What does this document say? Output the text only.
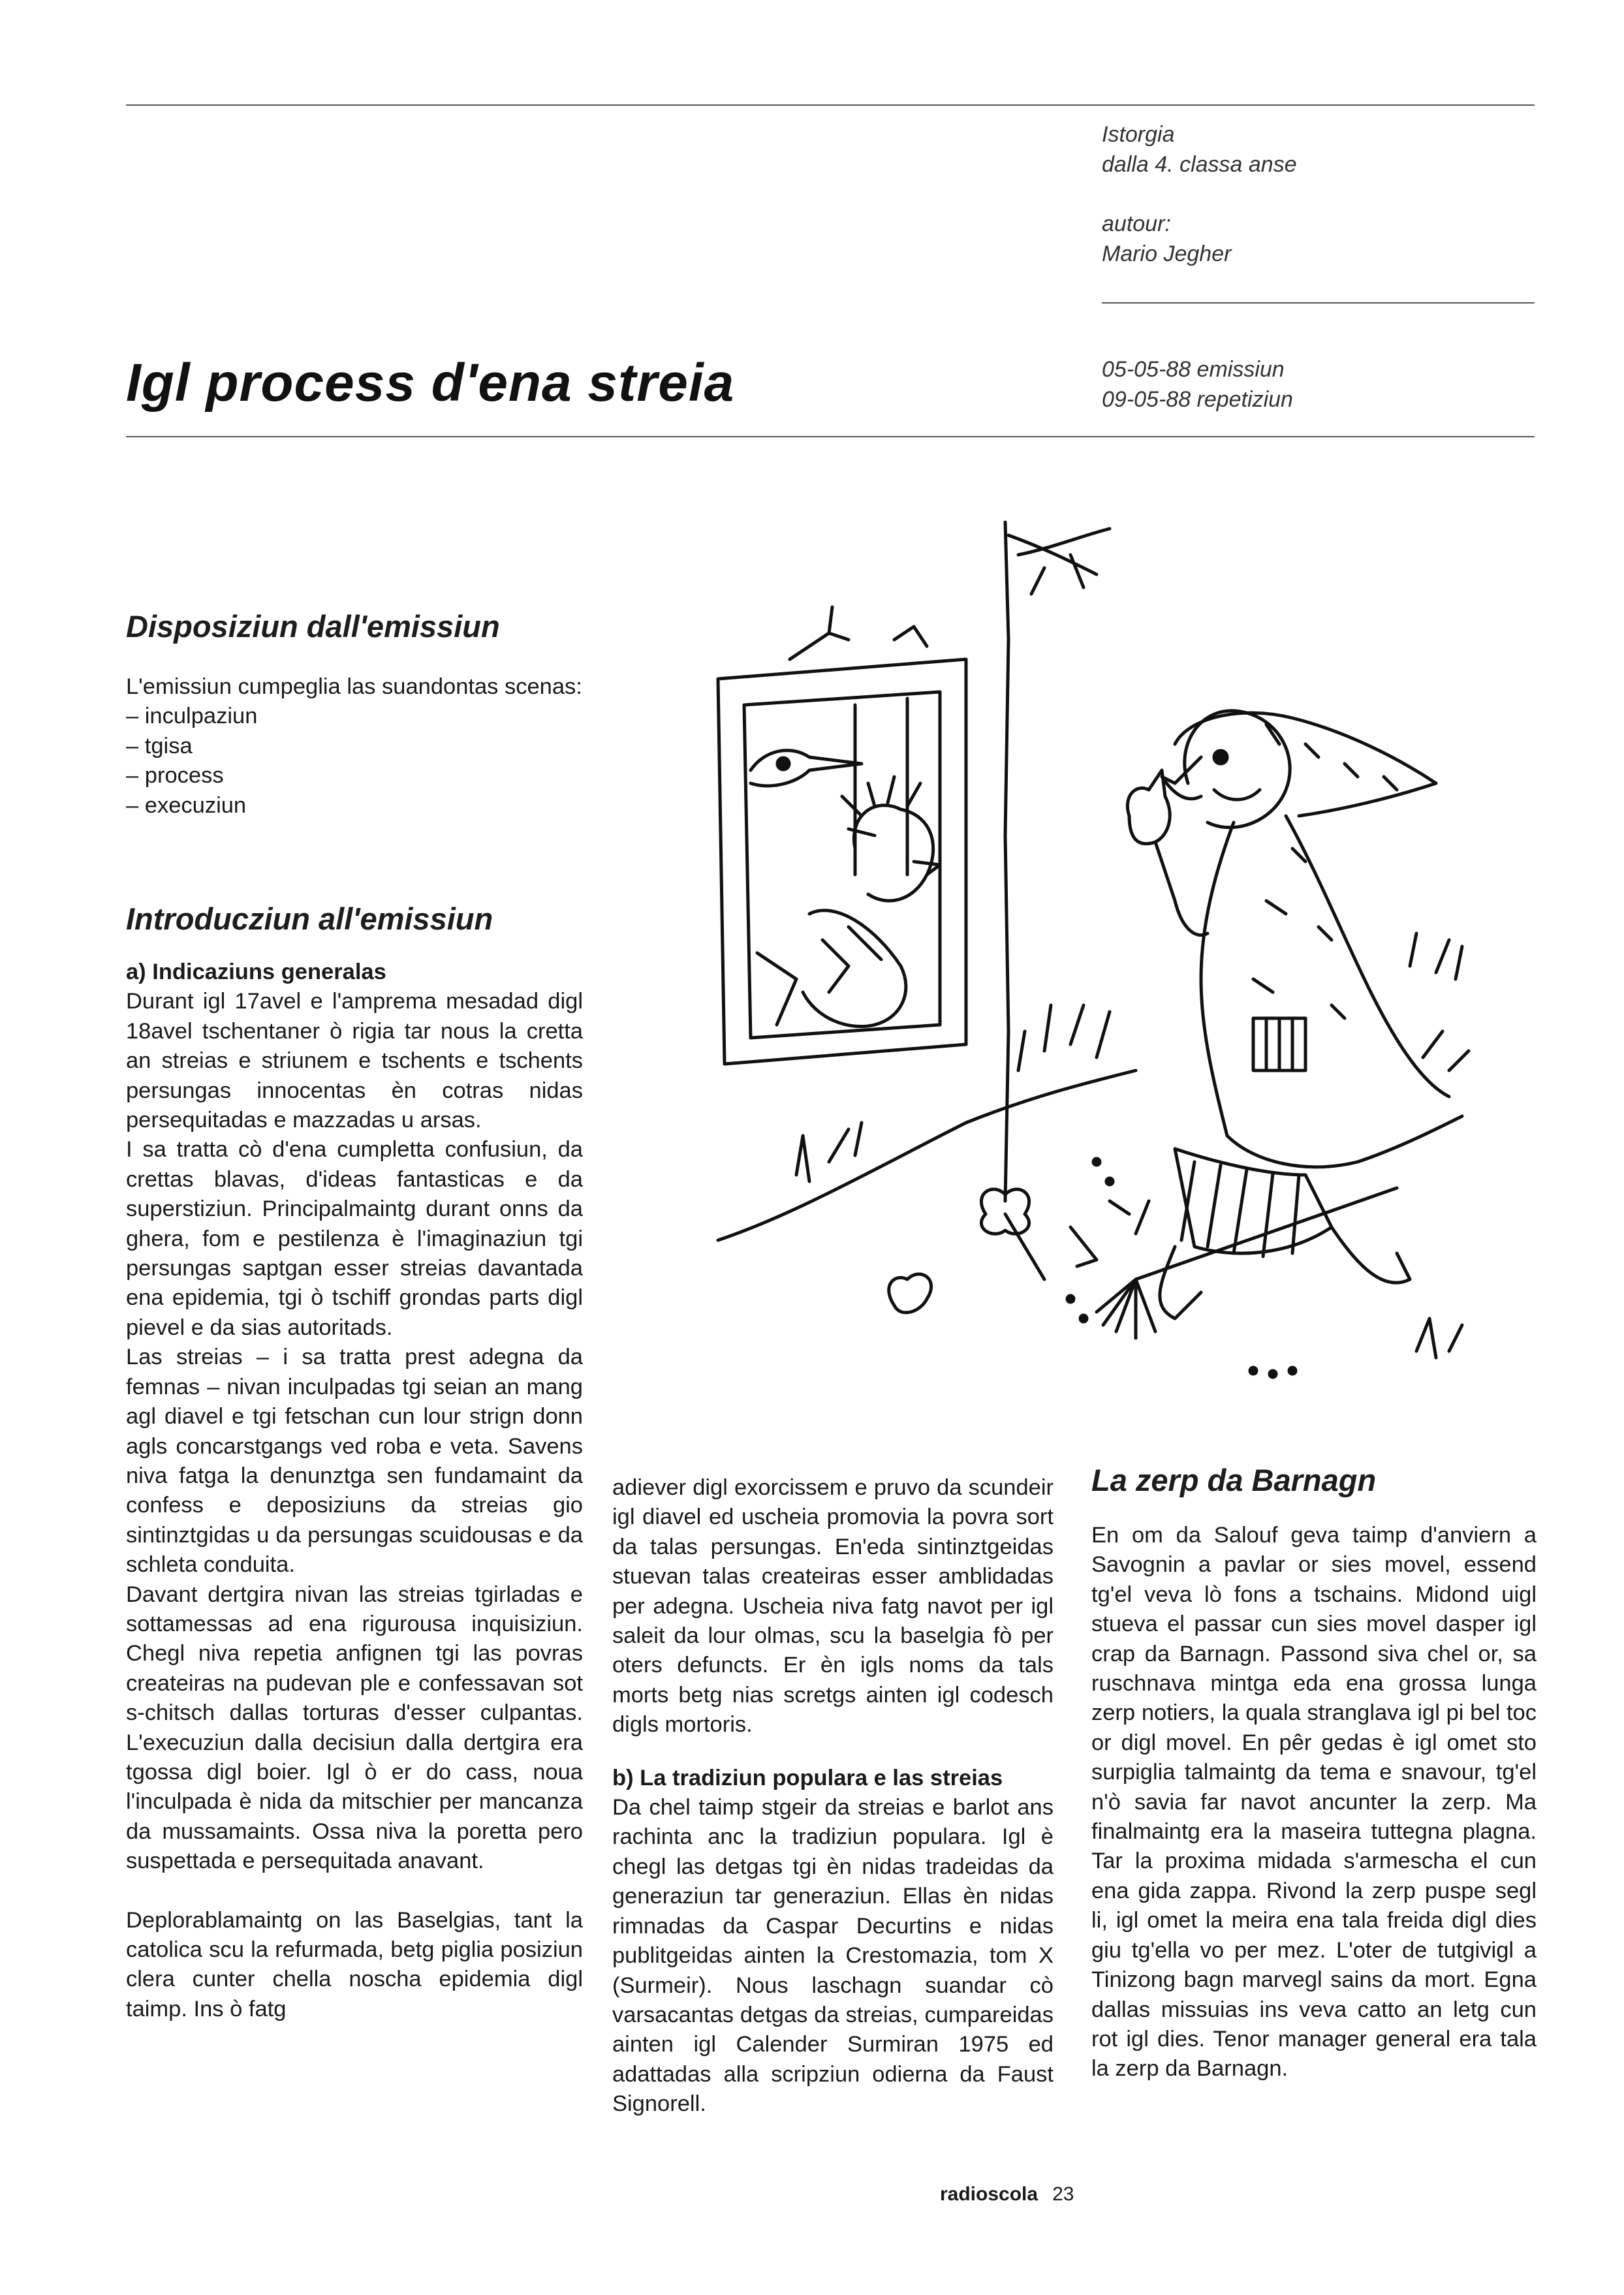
Istorgia

dalla 4. classa anse

autour:

Mario Jegher

05-05-88 emissiun

09-05-88 repetiziun

Igl process d'ena streia
Disposiziun dall'emissiun

L'emissiun cumpeglia las suandontas scenas:

– inculpaziun
– tgisa
– process
– execuziun
Introducziun all'emissiun

a) Indicaziuns generalas

Durant igl 17avel e l'amprema mesadad digl 18avel tschentaner ò rigia tar nous la cretta an streias e striunem e tschents e tschents persungas innocentas èn cotras nidas persequitadas e mazzadas u arsas.

I sa tratta cò d'ena cumpletta confusiun, da crettas blavas, d'ideas fantasticas e da superstiziun. Principalmaintg durant onns da ghera, fom e pestilenza è l'imaginaziun tgi persungas saptgan esser streias davantada ena epidemia, tgi ò tschiff grondas parts digl pievel e da sias autoritads.

Las streias – i sa tratta prest adegna da femnas – nivan inculpadas tgi seian an mang agl diavel e tgi fetschan cun lour strign donn agls concarstgangs ved roba e veta. Savens niva fatga la denunztga sen fundamaint da confess e deposiziuns da streias gio sintinztgidas u da persungas scuidousas e da schleta conduita.

Davant dertgira nivan las streias tgirladas e sottamessas ad ena rigurousa inquisiziun. Chegl niva repetia anfignen tgi las povras createiras na pudevan ple e confessavan sot s-chitsch dallas torturas d'esser culpantas. L'execuziun dalla decisiun dalla dertgira era tgossa digl boier. Igl ò er do cass, noua l'inculpada è nida da mitschier per mancanza da mussamaints. Ossa niva la poretta pero suspettada e persequitada anavant.

Deplorablamaintg on las Baselgias, tant la catolica scu la refurmada, betg piglia posiziun clera cunter chella noscha epidemia digl taimp. Ins ò fatg

adiever digl exorcissem e pruvo da scundeir igl diavel ed uscheia promovia la povra sort da talas persungas. En'eda sintinztgeidas stuevan talas createiras esser amblidadas per adegna. Uscheia niva fatg navot per igl saleit da lour olmas, scu la baselgia fò per oters defuncts. Er èn igls noms da tals morts betg nias scretgs ainten igl codesch digls mortoris.

b) La tradiziun populara e las streias

Da chel taimp stgeir da streias e barlot ans rachinta anc la tradiziun populara. Igl è chegl las detgas tgi èn nidas tradeidas da generaziun tar generaziun. Ellas èn nidas rimnadas da Caspar Decurtins e nidas publitgeidas ainten la Crestomazia, tom X (Surmeir). Nous laschagn suandar cò varsacantas detgas da streias, cumpareidas ainten igl Calender Surmiran 1975 ed adattadas alla scripziun odierna da Faust Signorell.

La zerp da Barnagn

En om da Salouf geva taimp d'anviern a Savognin a pavlar or sies movel, essend tg'el veva lò fons a tschains. Midond uigl stueva el passar cun sies movel dasper igl crap da Barnagn. Passond siva chel or, sa ruschnava mintga eda ena grossa lunga zerp notiers, la quala stranglava igl pi bel toc or digl movel. En pêr gedas è igl omet sto surpiglia talmaintg da tema e snavour, tg'el n'ò savia far navot ancunter la zerp. Ma finalmaintg era la maseira tuttegna plagna. Tar la proxima midada s'armescha el cun ena gida zappa. Rivond la zerp puspe segl li, igl omet la meira ena tala freida digl dies giu tg'ella vo per mez. L'oter de tutgivigl a Tinizong bagn marvegl sains da mort. Egna dallas missuias ins veva catto an letg cun rot igl dies. Tenor manager general era tala la zerp da Barnagn.

radioscola 23
